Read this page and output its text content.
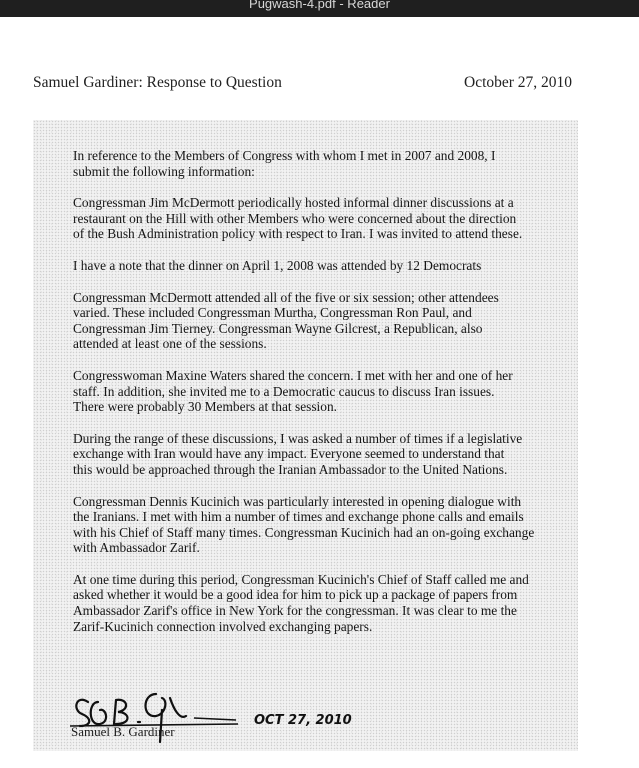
Pugwash-4.pdf - Reader
Samuel Gardiner: Response to Question	October 27, 2010

In reference to the Members of Congress with whom I met in 2007 and 2008, I
submit the following information:

Congressman Jim McDermott periodically hosted informal dinner discussions at a
restaurant on the Hill with other Members who were concerned about the direction
of the Bush Administration policy with respect to Iran. I was invited to attend these.

I have a note that the dinner on April 1, 2008 was attended by 12 Democrats

Congressman McDermott attended all of the five or six session; other attendees
varied. These included Congressman Murtha, Congressman Ron Paul, and
Congressman Jim Tierney. Congressman Wayne Gilcrest, a Republican, also
attended at least one of the sessions.

Congresswoman Maxine Waters shared the concern. I met with her and one of her
staff. In addition, she invited me to a Democratic caucus to discuss Iran issues.
There were probably 30 Members at that session.

During the range of these discussions, I was asked a number of times if a legislative
exchange with Iran would have any impact. Everyone seemed to understand that
this would be approached through the Iranian Ambassador to the United Nations.

Congressman Dennis Kucinich was particularly interested in opening dialogue with
the Iranians. I met with him a number of times and exchange phone calls and emails
with his Chief of Staff many times. Congressman Kucinich had an on-going exchange
with Ambassador Zarif.

At one time during this period, Congressman Kucinich's Chief of Staff called me and
asked whether it would be a good idea for him to pick up a package of papers from
Ambassador Zarif's office in New York for the congressman. It was clear to me the
Zarif-Kucinich connection involved exchanging papers.

OCT 27, 2010
Samuel B. Gardiner
